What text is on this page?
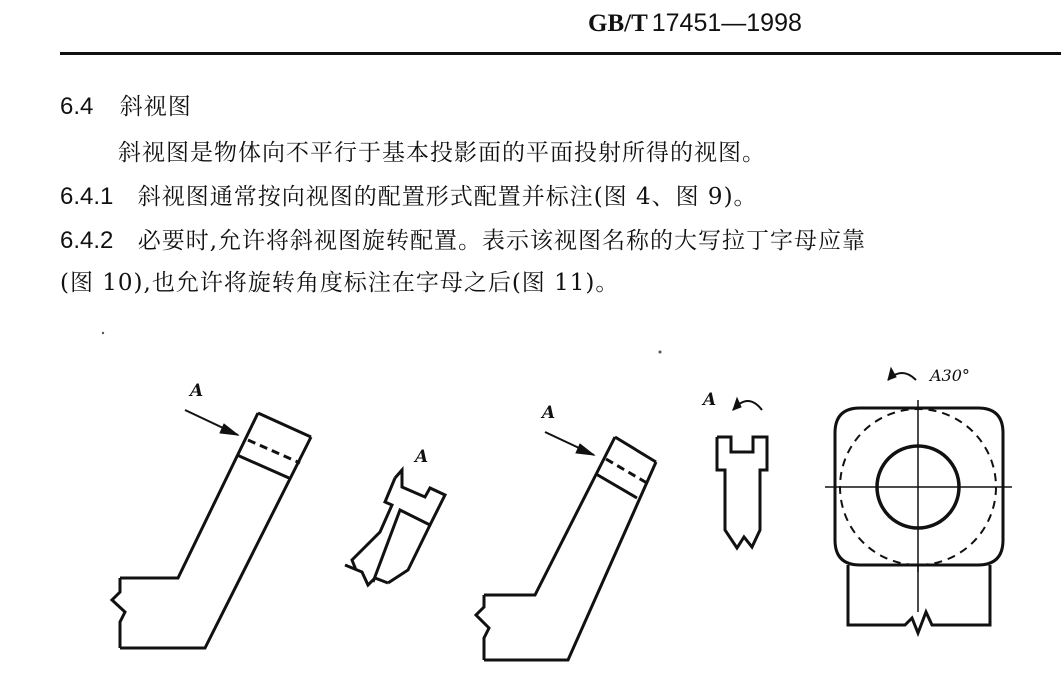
GB/T 17451—1998
6.4 斜视图
斜视图是物体向不平行于基本投影面的平面投射所得的视图。
6.4.1 斜视图通常按向视图的配置形式配置并标注(图 4、图 9)。
6.4.2 必要时,允许将斜视图旋转配置。表示该视图名称的大写拉丁字母应靠
(图 10),也允许将旋转角度标注在字母之后(图 11)。
A
A
A
A
A30°
